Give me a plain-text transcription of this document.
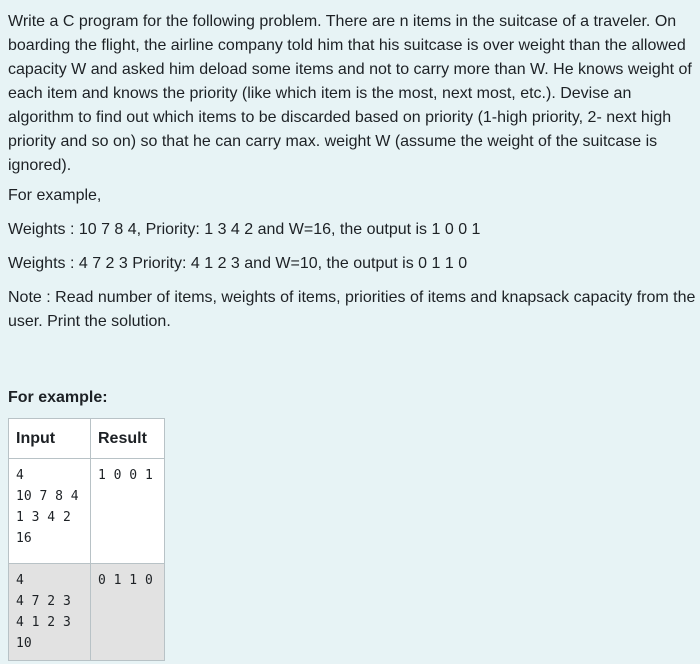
Write a C program for the following problem. There are n items in the suitcase of a traveler. On boarding the flight, the airline company told him that his suitcase is over weight than the allowed capacity W and asked him deload some items and not to carry more than W. He knows weight of each item and knows the priority (like which item is the most, next most, etc.). Devise an algorithm to find out which items to be discarded based on priority (1-high priority, 2- next high priority and so on) so that he can carry max. weight W (assume the weight of the suitcase is ignored).

For example,

Weights : 10 7 8 4, Priority: 1 3 4 2 and W=16, the output is 1 0 0 1

Weights : 4 7 2 3 Priority: 4 1 2 3 and W=10, the output is 0 1 1 0

Note : Read number of items, weights of items, priorities of items and knapsack capacity from the user. Print the solution.

For example:

Input	Result

4
10 7 8 4
1 3 4 2
16	1 0 0 1

4
4 7 2 3
4 1 2 3
10	0 1 1 0
